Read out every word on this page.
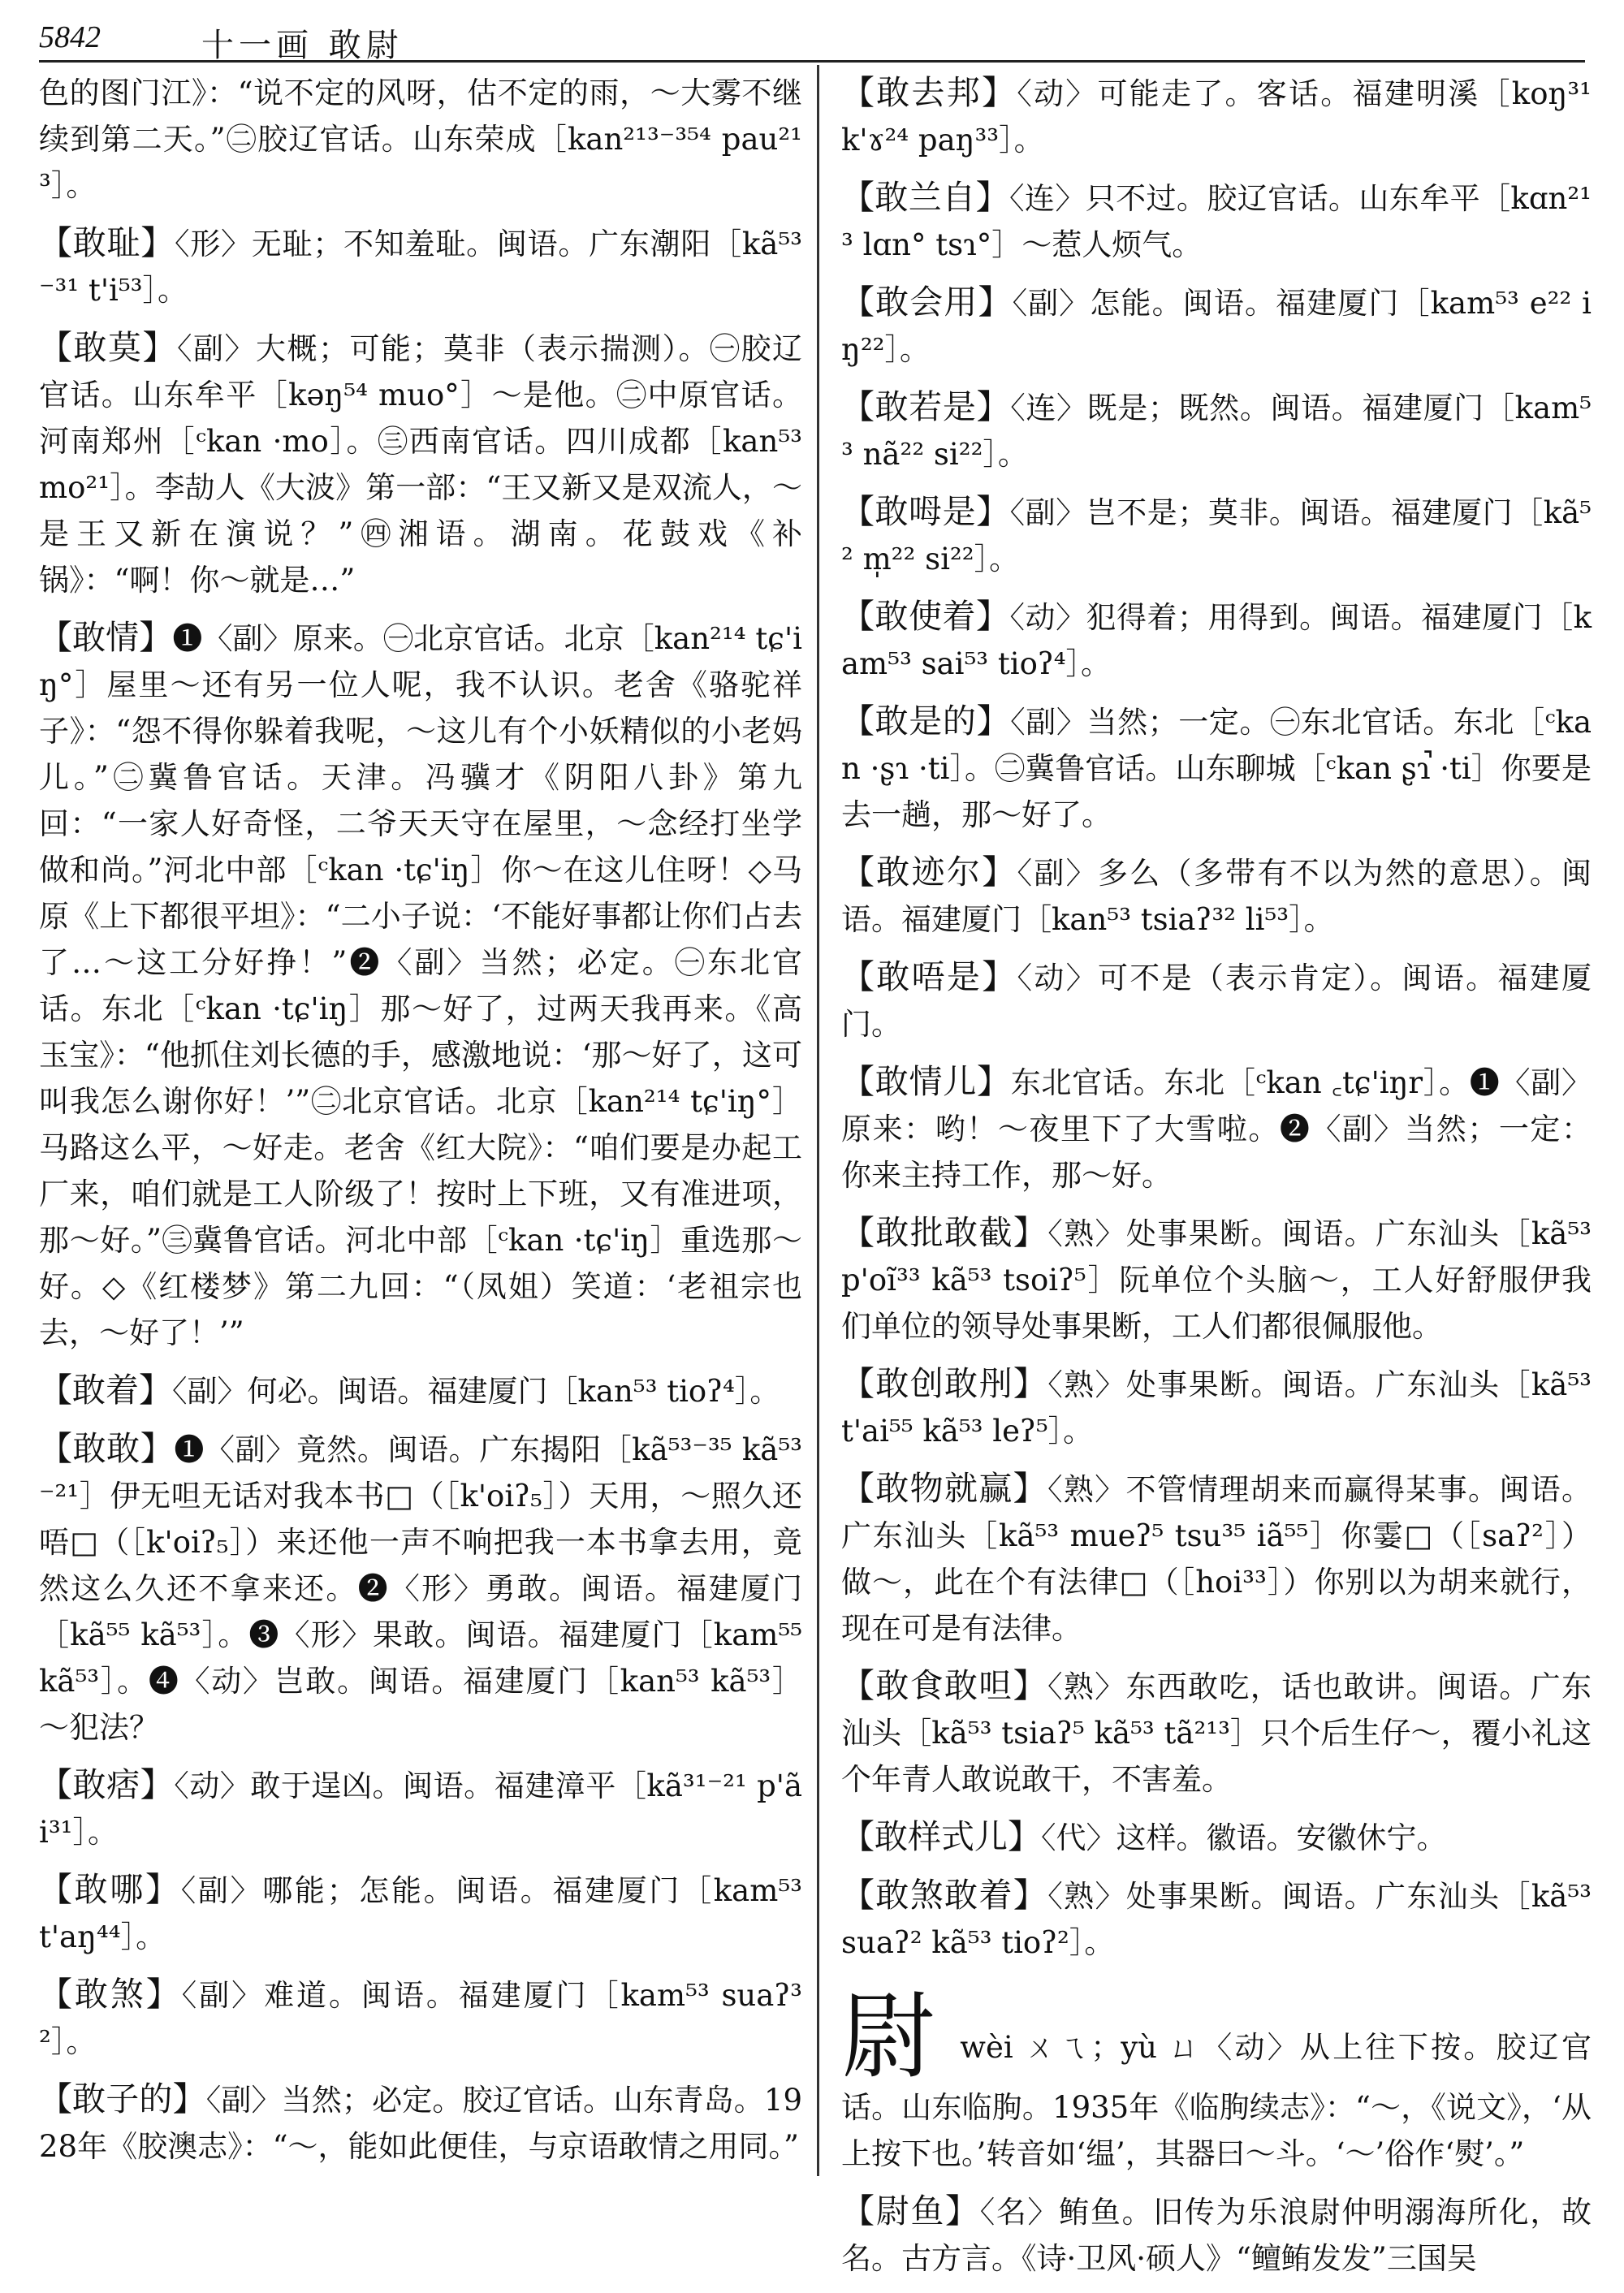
5842	十一画 敢尉

色的图门江》：“说不定的风呀，估不定的雨，～大雾不继续到第二天。”㊁胶辽官话。山东荣成［kan²¹³⁻³⁵⁴ pau²¹³］。

【敢耻】〈形〉无耻；不知羞耻。闽语。广东潮阳［kã⁵³⁻³¹ t'i⁵³］。

【敢莫】〈副〉大概；可能；莫非（表示揣测）。㊀胶辽官话。山东牟平［kəŋ⁵⁴ muo°］～是他。㊁中原官话。河南郑州［ᶜkan ·mo］。㊂西南官话。四川成都［kan⁵³ mo²¹］。李劼人《大波》第一部：“王又新又是双流人，～是王又新在演说？”㊃湘语。湖南。花鼓戏《补锅》：“啊！你～就是…”

【敢情】❶〈副〉原来。㊀北京官话。北京［kan²¹⁴ tɕ'iŋ°］屋里～还有另一位人呢，我不认识。老舍《骆驼祥子》：“怨不得你躲着我呢，～这儿有个小妖精似的小老妈儿。”㊁冀鲁官话。天津。冯骥才《阴阳八卦》第九回：“一家人好奇怪，二爷天天守在屋里，～念经打坐学做和尚。”河北中部［ᶜkan ·tɕ'iŋ］你～在这儿住呀！◇马原《上下都很平坦》：“二小子说：‘不能好事都让你们占去了…～这工分好挣！”❷〈副〉当然；必定。㊀东北官话。东北［ᶜkan ·tɕ'iŋ］那～好了，过两天我再来。《高玉宝》：“他抓住刘长德的手，感激地说：‘那～好了，这可叫我怎么谢你好！’”㊁北京官话。北京［kan²¹⁴ tɕ'iŋ°］马路这么平，～好走。老舍《红大院》：“咱们要是办起工厂来，咱们就是工人阶级了！按时上下班，又有准进项，那～好。”㊂冀鲁官话。河北中部［ᶜkan ·tɕ'iŋ］重选那～好。◇《红楼梦》第二九回：“（凤姐）笑道：‘老祖宗也去，～好了！’”

【敢着】〈副〉何必。闽语。福建厦门［kan⁵³ tioʔ⁴］。

【敢敢】❶〈副〉竟然。闽语。广东揭阳［kã⁵³⁻³⁵ kã⁵³⁻²¹］伊无呾无话对我本书□（［k'oiʔ₅］）天用，～照久还唔□（［k'oiʔ₅］）来还他一声不响把我一本书拿去用，竟然这么久还不拿来还。❷〈形〉勇敢。闽语。福建厦门［kã⁵⁵ kã⁵³］。❸〈形〉果敢。闽语。福建厦门［kam⁵⁵ kã⁵³］。❹〈动〉岂敢。闽语。福建厦门［kan⁵³ kã⁵³］～犯法？

【敢痞】〈动〉敢于逞凶。闽语。福建漳平［kã³¹⁻²¹ p'ãi³¹］。

【敢哪】〈副〉哪能；怎能。闽语。福建厦门［kam⁵³ t'aŋ⁴⁴］。

【敢煞】〈副〉难道。闽语。福建厦门［kam⁵³ suaʔ³²］。

【敢子的】〈副〉当然；必定。胶辽官话。山东青岛。1928年《胶澳志》：“～，能如此便佳，与京语敢情之用同。”

【敢去邦】〈动〉可能走了。客话。福建明溪［koŋ³¹ k'ɤ²⁴ paŋ³³］。

【敢兰自】〈连〉只不过。胶辽官话。山东牟平［kɑn²¹³ lɑn° tsɿ°］～惹人烦气。

【敢会用】〈副〉怎能。闽语。福建厦门［kam⁵³ e²² iŋ²²］。

【敢若是】〈连〉既是；既然。闽语。福建厦门［kam⁵³ nã²² si²²］。

【敢呣是】〈副〉岂不是；莫非。闽语。福建厦门［kã⁵² m̩²² si²²］。

【敢使着】〈动〉犯得着；用得到。闽语。福建厦门［kam⁵³ sai⁵³ tioʔ⁴］。

【敢是的】〈副〉当然；一定。㊀东北官话。东北［ᶜkan ·ʂɿ ·ti］。㊁冀鲁官话。山东聊城［ᶜkan ʂɿ̚ ·ti］你要是去一趟，那～好了。

【敢迹尔】〈副〉多么（多带有不以为然的意思）。闽语。福建厦门［kan⁵³ tsiaʔ³² li⁵³］。

【敢唔是】〈动〉可不是（表示肯定）。闽语。福建厦门。

【敢情儿】东北官话。东北［ᶜkan ꜀tɕ'iŋr］。❶〈副〉原来：哟！～夜里下了大雪啦。❷〈副〉当然；一定：你来主持工作，那～好。

【敢批敢截】〈熟〉处事果断。闽语。广东汕头［kã⁵³ p'oĩ³³ kã⁵³ tsoiʔ⁵］阮单位个头脑～，工人好舒服伊我们单位的领导处事果断，工人们都很佩服他。

【敢创敢刐】〈熟〉处事果断。闽语。广东汕头［kã⁵³ t'ai⁵⁵ kã⁵³ leʔ⁵］。

【敢物就赢】〈熟〉不管情理胡来而赢得某事。闽语。广东汕头［kã⁵³ mueʔ⁵ tsu³⁵ iã⁵⁵］你霎□（［saʔ²］）做～，此在个有法律□（［hoi³³］）你别以为胡来就行，现在可是有法律。

【敢食敢呾】〈熟〉东西敢吃，话也敢讲。闽语。广东汕头［kã⁵³ tsiaʔ⁵ kã⁵³ tã²¹³］只个后生仔～，覆小礼这个年青人敢说敢干，不害羞。

【敢样式儿】〈代〉这样。徽语。安徽休宁。

【敢煞敢着】〈熟〉处事果断。闽语。广东汕头［kã⁵³ suaʔ² kã⁵³ tioʔ²］。

尉 wèi ㄨㄟ；yù ㄩ〈动〉从上往下按。胶辽官话。山东临朐。1935年《临朐续志》：“～，《说文》，‘从上按下也。’转音如‘缊’，其器曰～斗。‘～’俗作‘熨’。”

【尉鱼】〈名〉鲔鱼。旧传为乐浪尉仲明溺海所化，故名。古方言。《诗·卫风·硕人》“鳣鲔发发”三国吴
